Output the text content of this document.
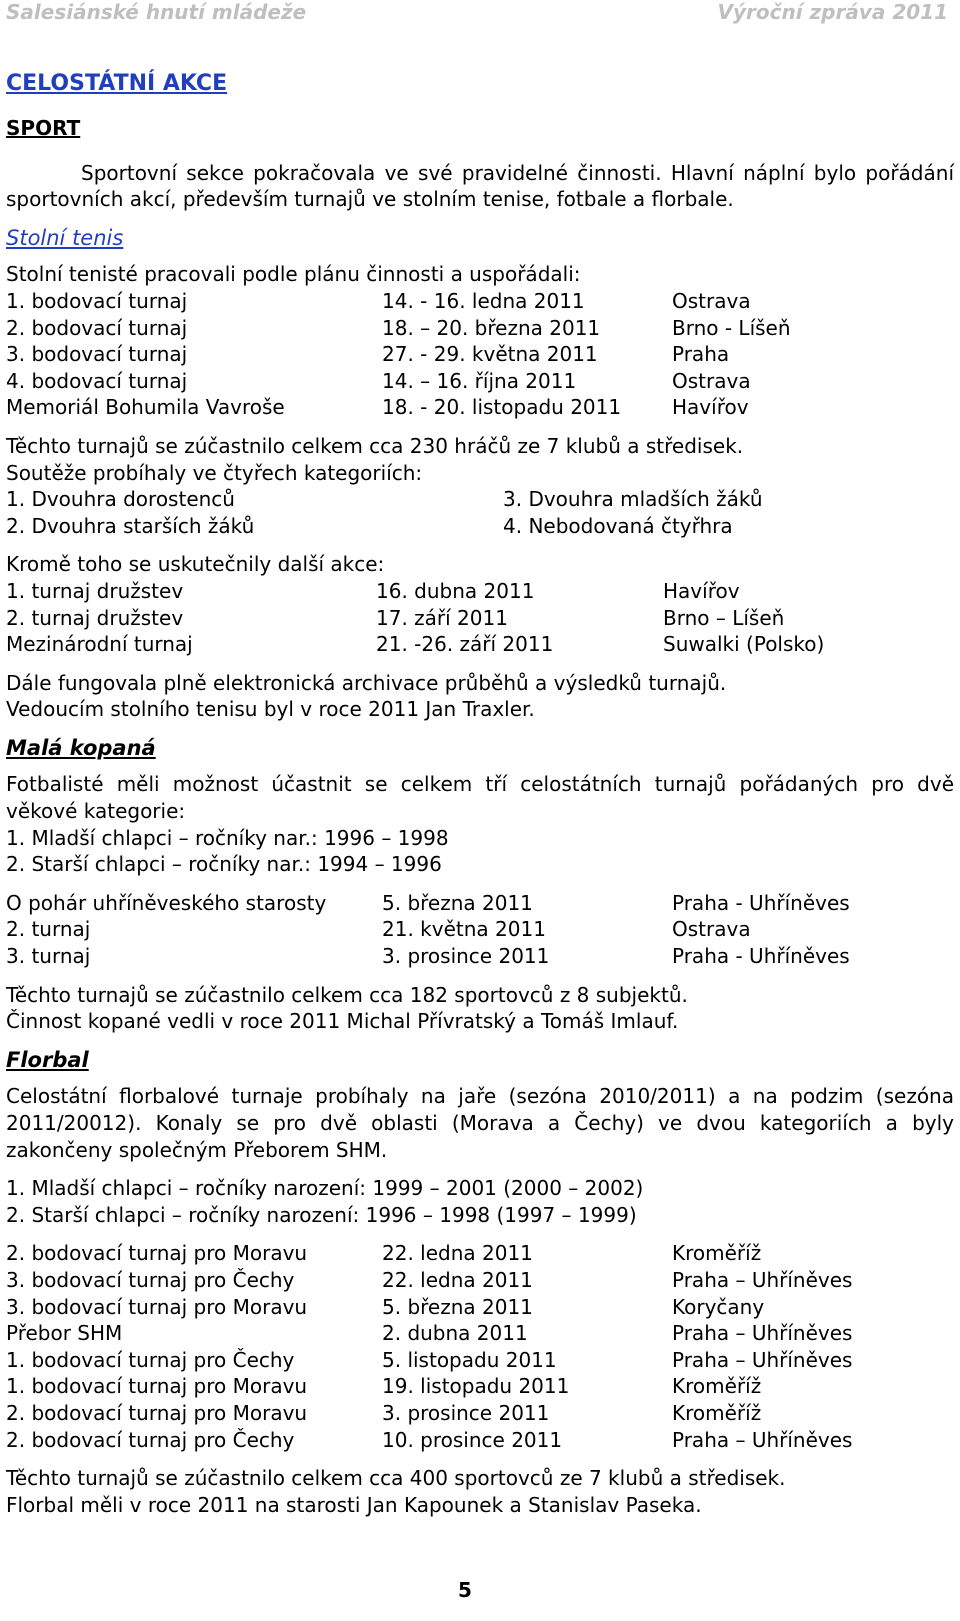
Salesiánské hnutí mládeže	Výroční zpráva 2011
CELOSTÁTNÍ AKCE
SPORT

Sportovní sekce pokračovala ve své pravidelné činnosti. Hlavní náplní bylo pořádání sportovních akcí, především turnajů ve stolním tenise, fotbale a florbale.

Stolní tenis

Stolní tenisté pracovali podle plánu činnosti a uspořádali:

1. bodovací turnaj	14. - 16. ledna 2011	Ostrava
2. bodovací turnaj	18. – 20. března 2011	Brno - Líšeň
3. bodovací turnaj	27. - 29. května 2011	Praha
4. bodovací turnaj	14. – 16. října 2011	Ostrava
Memoriál Bohumila Vavroše	18. - 20. listopadu 2011	Havířov

Těchto turnajů se zúčastnilo celkem cca 230 hráčů ze 7 klubů a středisek.

Soutěže probíhaly ve čtyřech kategoriích:

1. Dvouhra dorostenců	3. Dvouhra mladších žáků
2. Dvouhra starších žáků	4. Nebodovaná čtyřhra

Kromě toho se uskutečnily další akce:

1. turnaj družstev	16. dubna 2011	Havířov
2. turnaj družstev	17. září 2011	Brno – Líšeň
Mezinárodní turnaj	21. -26. září 2011	Suwalki (Polsko)

Dále fungovala plně elektronická archivace průběhů a výsledků turnajů.

Vedoucím stolního tenisu byl v roce 2011 Jan Traxler.

Malá kopaná

Fotbalisté měli možnost účastnit se celkem tří celostátních turnajů pořádaných pro dvě věkové kategorie:

1. Mladší chlapci – ročníky nar.: 1996 – 1998

2. Starší chlapci – ročníky nar.: 1994 – 1996

O pohár uhříněveského starosty	5. března 2011	Praha - Uhříněves
2. turnaj	21. května 2011	Ostrava
3. turnaj	3. prosince 2011	Praha - Uhříněves

Těchto turnajů se zúčastnilo celkem cca 182 sportovců z 8 subjektů.

Činnost kopané vedli v roce 2011 Michal Přívratský a Tomáš Imlauf.

Florbal

Celostátní florbalové turnaje probíhaly na jaře (sezóna 2010/2011) a na podzim (sezóna 2011/20012). Konaly se pro dvě oblasti (Morava a Čechy) ve dvou kategoriích a byly zakončeny společným Přeborem SHM.

1. Mladší chlapci – ročníky narození: 1999 – 2001 (2000 – 2002)

2. Starší chlapci – ročníky narození: 1996 – 1998 (1997 – 1999)

2. bodovací turnaj pro Moravu	22. ledna 2011	Kroměříž
3. bodovací turnaj pro Čechy	22. ledna 2011	Praha – Uhříněves
3. bodovací turnaj pro Moravu	5. března 2011	Koryčany
Přebor SHM	2. dubna 2011	Praha – Uhříněves
1. bodovací turnaj pro Čechy	5. listopadu 2011	Praha – Uhříněves
1. bodovací turnaj pro Moravu	19. listopadu 2011	Kroměříž
2. bodovací turnaj pro Moravu	3. prosince 2011	Kroměříž
2. bodovací turnaj pro Čechy	10. prosince 2011	Praha – Uhříněves

Těchto turnajů se zúčastnilo celkem cca 400 sportovců ze 7 klubů a středisek.

Florbal měli v roce 2011 na starosti Jan Kapounek a Stanislav Paseka.

5
